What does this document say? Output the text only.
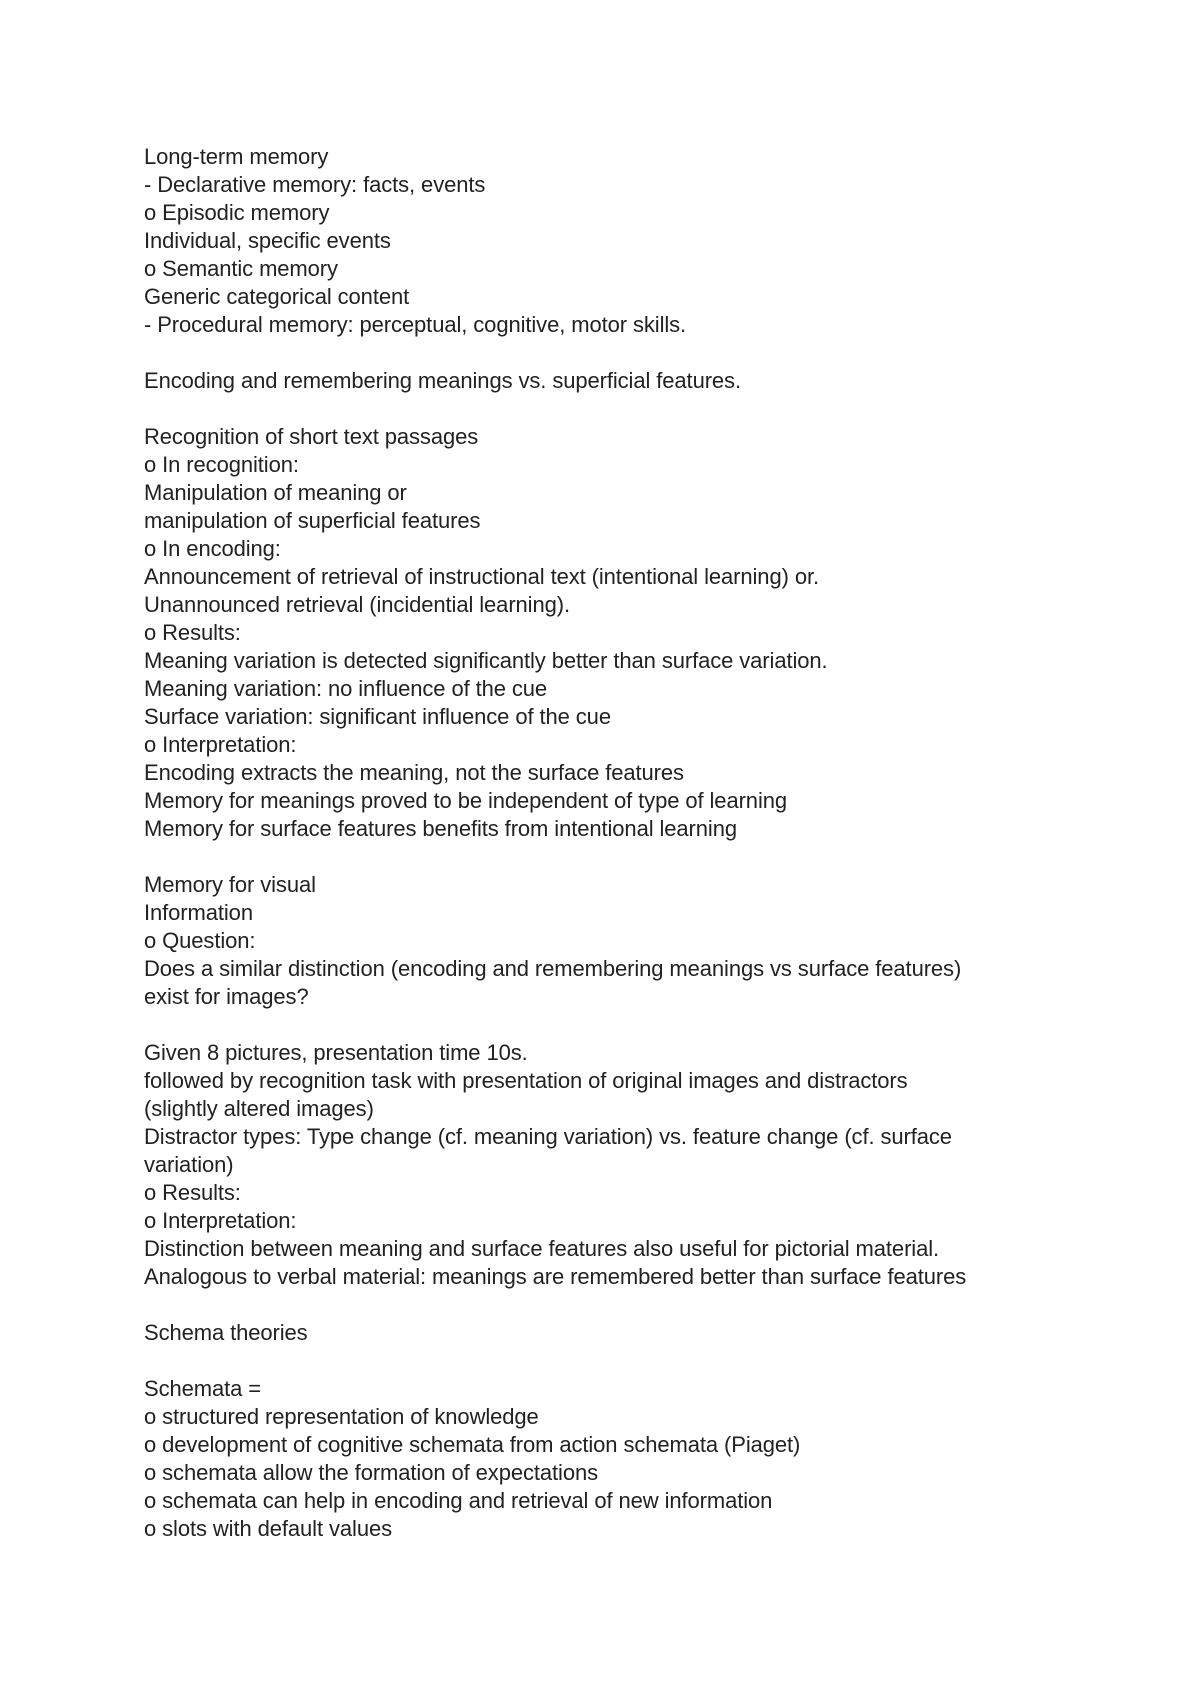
Long-term memory
- Declarative memory: facts, events
o Episodic memory
Individual, specific events
o Semantic memory
Generic categorical content
- Procedural memory: perceptual, cognitive, motor skills.
Encoding and remembering meanings vs. superficial features.
Recognition of short text passages
o In recognition:
Manipulation of meaning or
manipulation of superficial features
o In encoding:
Announcement of retrieval of instructional text (intentional learning) or.
Unannounced retrieval (incidential learning).
o Results:
Meaning variation is detected significantly better than surface variation.
Meaning variation: no influence of the cue
Surface variation: significant influence of the cue
o Interpretation:
Encoding extracts the meaning, not the surface features
Memory for meanings proved to be independent of type of learning
Memory for surface features benefits from intentional learning
Memory for visual
Information
o Question:
Does a similar distinction (encoding and remembering meanings vs surface features)
exist for images?
Given 8 pictures, presentation time 10s.
followed by recognition task with presentation of original images and distractors
(slightly altered images)
Distractor types: Type change (cf. meaning variation) vs. feature change (cf. surface
variation)
o Results:
o Interpretation:
Distinction between meaning and surface features also useful for pictorial material.
Analogous to verbal material: meanings are remembered better than surface features
Schema theories
Schemata =
o structured representation of knowledge
o development of cognitive schemata from action schemata (Piaget)
o schemata allow the formation of expectations
o schemata can help in encoding and retrieval of new information
o slots with default values
